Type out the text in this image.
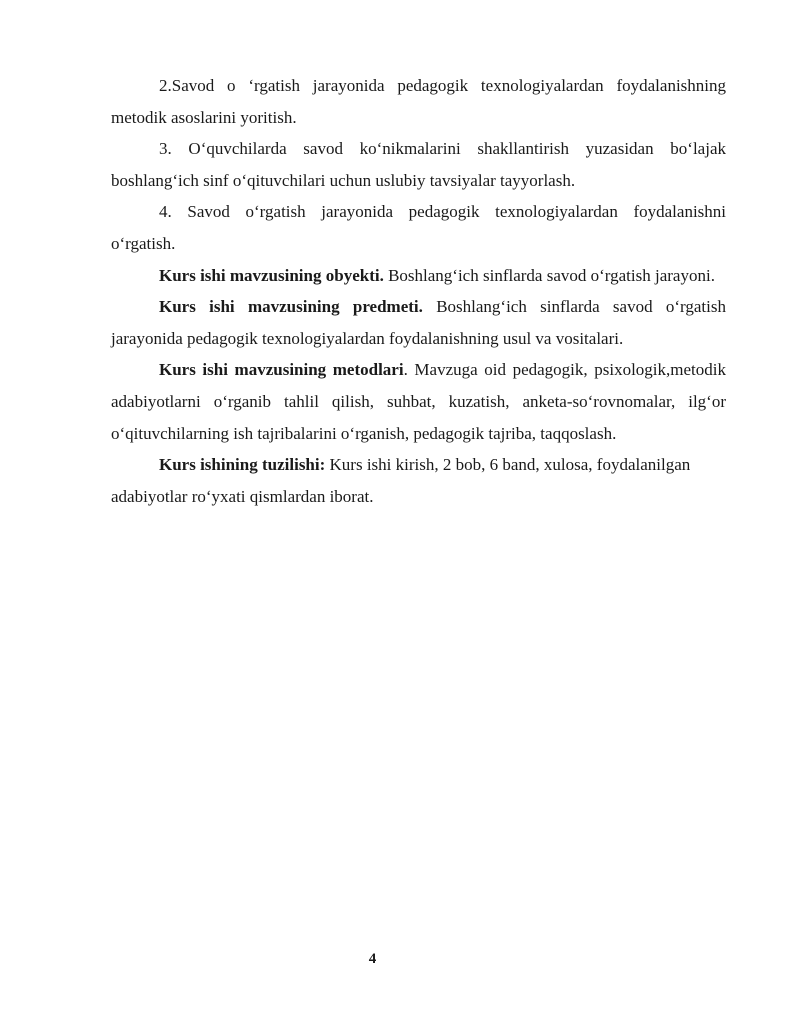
2.Savod o ‘rgatish jarayonida pedagogik texnologiyalardan foydalanishning metodik asoslarini yoritish.

3. O‘quvchilarda savod ko‘nikmalarini shakllantirish yuzasidan bo‘lajak boshlang‘ich sinf o‘qituvchilari uchun uslubiy tavsiyalar tayyorlash.

4. Savod o‘rgatish jarayonida pedagogik texnologiyalardan foydalanishni o‘rgatish.

Kurs ishi mavzusining obyekti. Boshlang‘ich sinflarda savod o‘rgatish jarayoni.

Kurs ishi mavzusining predmeti. Boshlang‘ich sinflarda savod o‘rgatish jarayonida pedagogik texnologiyalardan foydalanishning usul va vositalari.

Kurs ishi mavzusining metodlari. Mavzuga oid pedagogik, psixologik,metodik adabiyotlarni o‘rganib tahlil qilish, suhbat, kuzatish, anketa-so‘rovnomalar, ilg‘or o‘qituvchilarning ish tajribalarini o‘rganish, pedagogik tajriba, taqqoslash.

Kurs ishining tuzilishi: Kurs ishi kirish, 2 bob, 6 band, xulosa, foydalanilgan

adabiyotlar ro‘yxati qismlardan iborat.

4
